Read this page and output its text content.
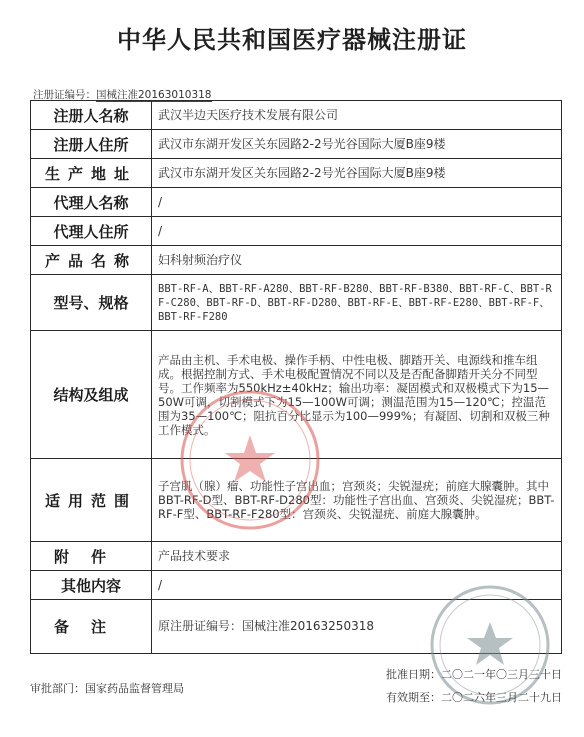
中华人民共和国医疗器械注册证
注册证编号：国械注准20163010318
注册人名称	武汉半边天医疗技术发展有限公司
注册人住所	武汉市东湖开发区关东园路2-2号光谷国际大厦B座9楼
生产地址	武汉市东湖开发区关东园路2-2号光谷国际大厦B座9楼
代理人名称	/
代理人住所	/
产品名称	妇科射频治疗仪
型号、规格	BBT-RF-A、BBT-RF-A280、BBT-RF-B280、BBT-RF-B380、BBT-RF-C、BBT-RF-C280、BBT-RF-D、BBT-RF-D280、BBT-RF-E、BBT-RF-E280、BBT-RF-F、BBT-RF-F280
结构及组成	产品由主机、手术电极、操作手柄、中性电极、脚踏开关、电源线和推车组成。根据控制方式、手术电极配置情况不同以及是否配备脚踏开关分不同型号。工作频率为550kHz±40kHz；输出功率：凝固模式和双极模式下为15—50W可调，切割模式下为15—100W可调；测温范围为15—120℃；控温范围为35—100℃；阻抗百分比显示为100—999%；有凝固、切割和双极三种工作模式。
适用范围	子宫肌（腺）瘤、功能性子宫出血；宫颈炎；尖锐湿疣；前庭大腺囊肿。其中BBT-RF-D型、BBT-RF-D280型：功能性子宫出血、宫颈炎、尖锐湿疣；BBT-RF-F型、BBT-RF-F280型：宫颈炎、尖锐湿疣、前庭大腺囊肿。
附件	产品技术要求
其他内容	/
备注	原注册证编号：国械注准20163250318
审批部门：国家药品监督管理局
批准日期：二〇二一年〇三月三十日
有效期至：二〇二六年三月二十九日
